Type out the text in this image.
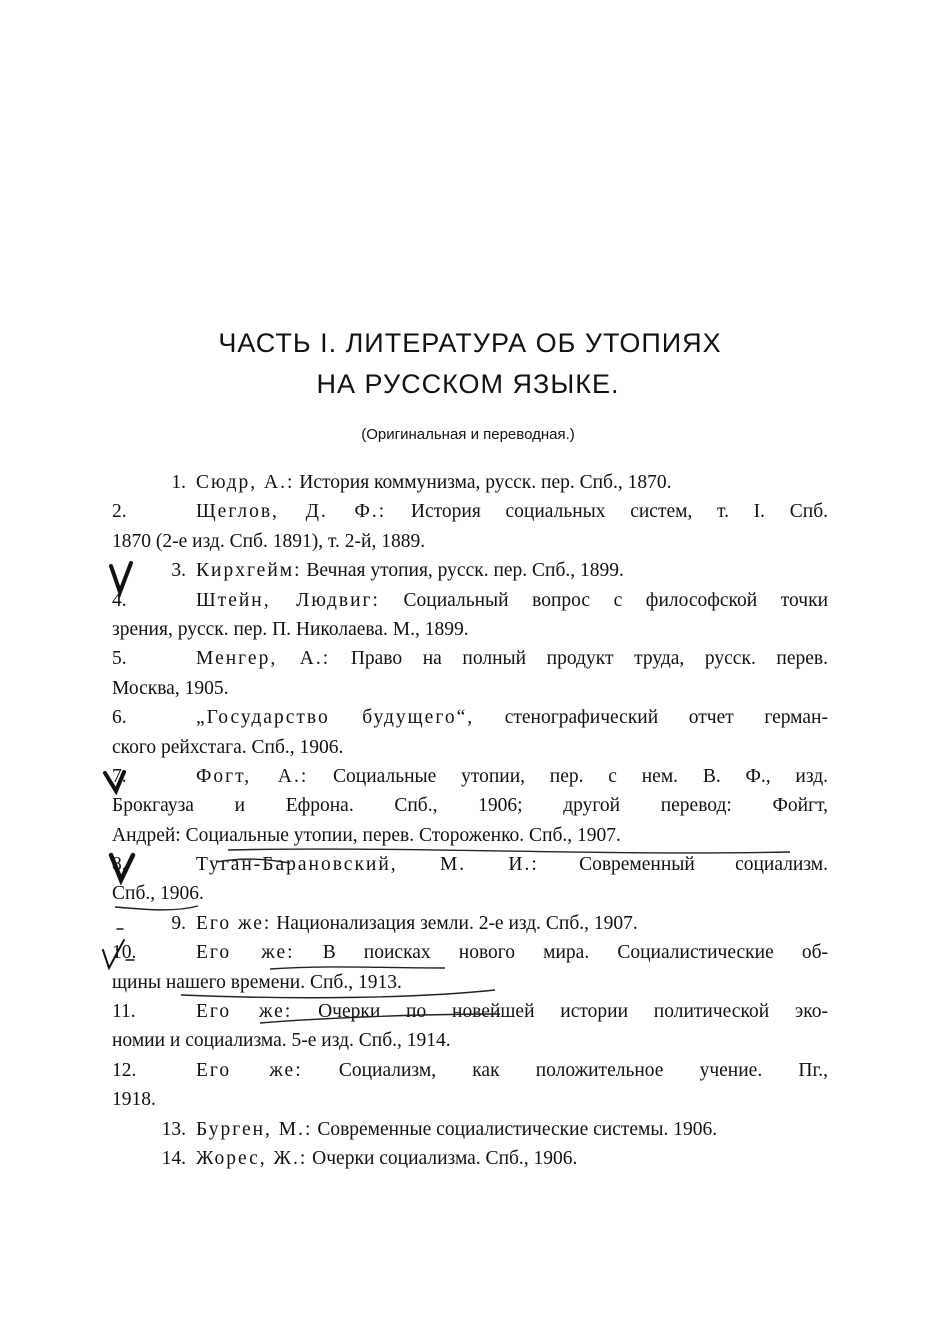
ЧАСТЬ I. ЛИТЕРАТУРА ОБ УТОПИЯХ
НА РУССКОМ ЯЗЫКЕ.
(Оригинальная и переводная.)
1. Сюдр, А.: История коммунизма, русск. пер. Спб., 1870.
2.	Щеглов, Д. Ф.: История социальных систем, т. I. Спб.
1870 (2-е изд. Спб. 1891), т. 2-й, 1889.
3. Кирхгейм: Вечная утопия, русск. пер. Спб., 1899.
4.	Штейн, Людвиг: Социальный вопрос с философской точки
зрения, русск. пер. П. Николаева. М., 1899.
5.	Менгер, А.: Право на полный продукт труда, русск. перев.
Москва, 1905.
6.	„Государство будущего“, стенографический отчет герман-
ского рейхстага. Спб., 1906.
7.	Фогт, А.: Социальные утопии, пер. с нем. В. Ф., изд.
Брокгауза и Ефрона. Спб., 1906; другой перевод: Фойгт,
Андрей: Социальные утопии, перев. Стороженко. Спб., 1907.
8.	Туган-Барановский, М. И.: Современный социализм.
Спб., 1906.
9. Его же: Национализация земли. 2-е изд. Спб., 1907.
10.	Его же: В поисках нового мира. Социалистические об-
щины нашего времени. Спб., 1913.
11.	Его же: Очерки по новейшей истории политической эко-
номии и социализма. 5-е изд. Спб., 1914.
12.	Его же: Социализм, как положительное учение. Пг.,
1918.
13. Бурген, М.: Современные социалистические системы. 1906.
14. Жорес, Ж.: Очерки социализма. Спб., 1906.
